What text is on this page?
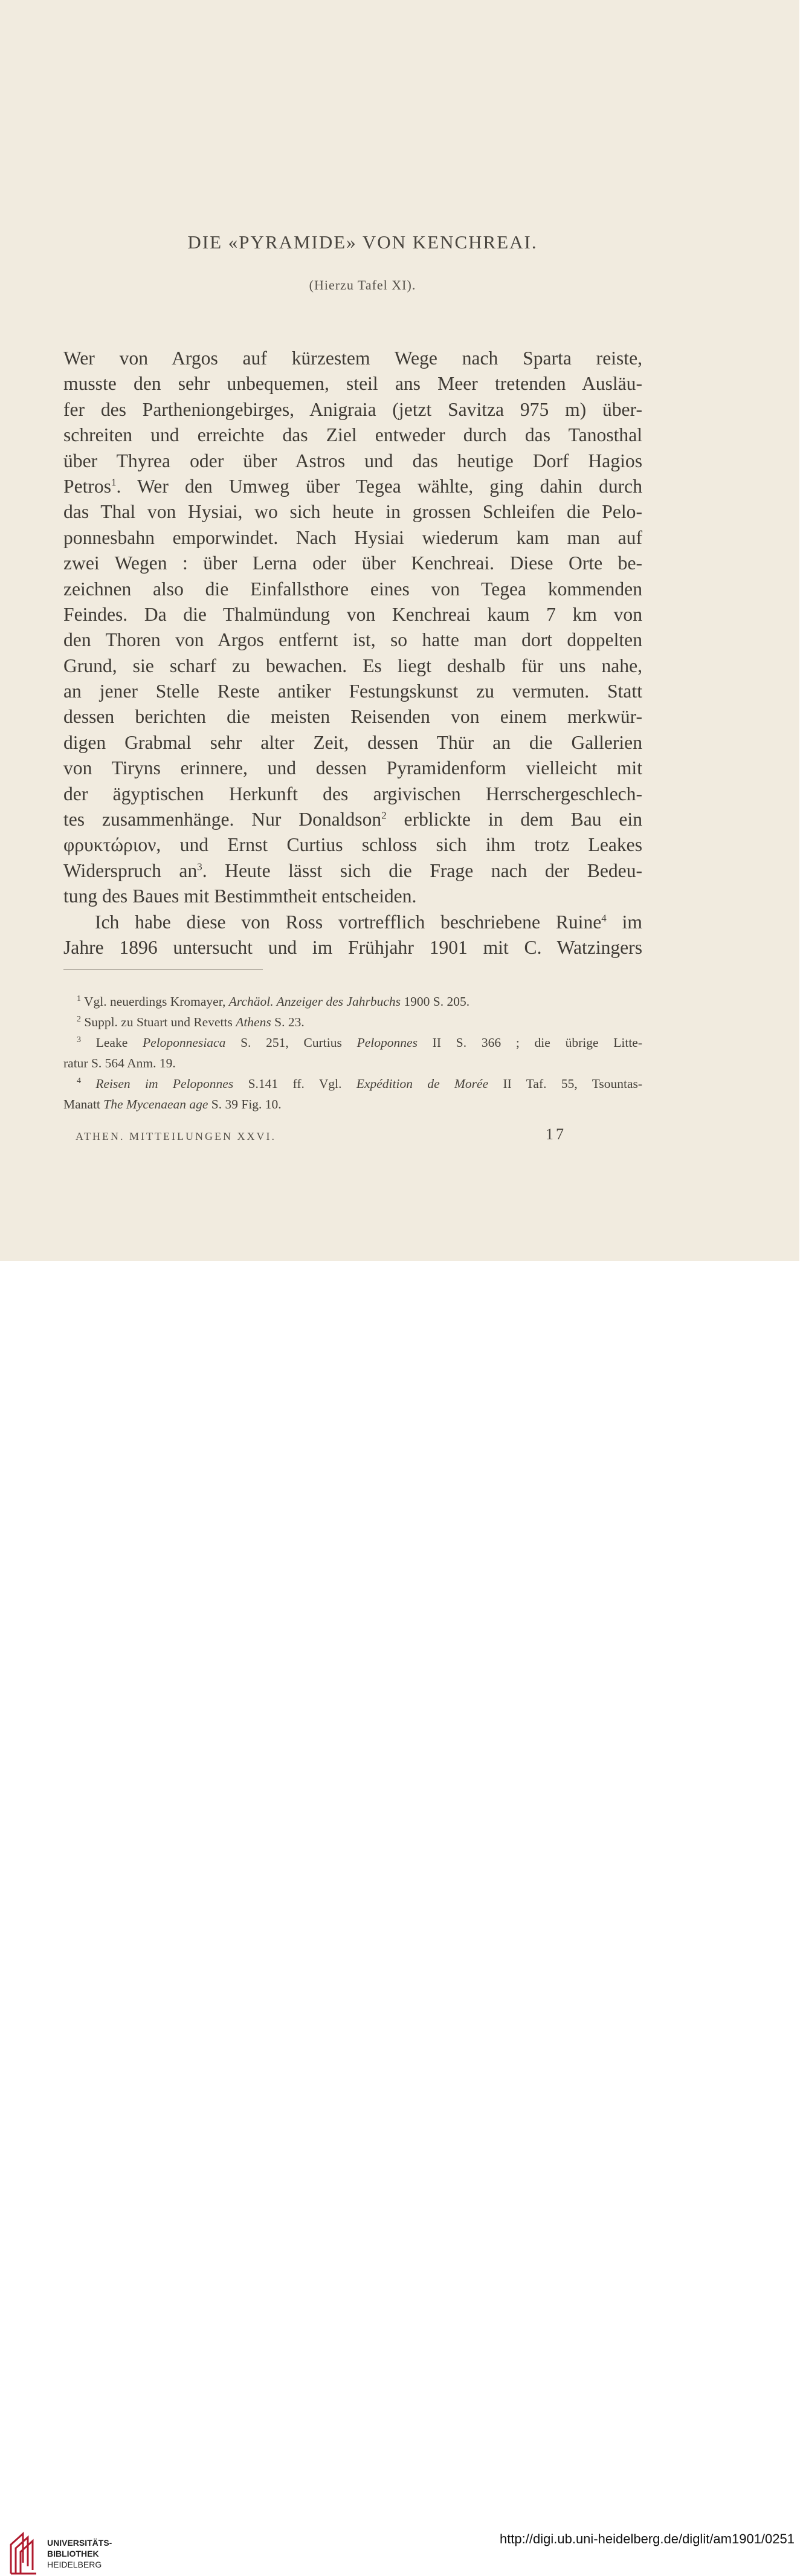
DIE «PYRAMIDE» VON KENCHREAI.
(Hierzu Tafel XI).
Wer von Argos auf kürzestem Wege nach Sparta reiste,
musste den sehr unbequemen, steil ans Meer tretenden Ausläu-
fer des Partheniongebirges, Anigraia (jetzt Savitza 975 m) über-
schreiten und erreichte das Ziel entweder durch das Tanosthal
über Thyrea oder über Astros und das heutige Dorf Hagios
Petros$^1$. Wer den Umweg über Tegea wählte, ging dahin durch
das Thal von Hysiai, wo sich heute in grossen Schleifen die Pelo-
ponnesbahn emporwindet. Nach Hysiai wiederum kam man auf
zwei Wegen : über Lerna oder über Kenchreai. Diese Orte be-
zeichnen also die Einfallsthore eines von Tegea kommenden
Feindes. Da die Thalmündung von Kenchreai kaum 7 km von
den Thoren von Argos entfernt ist, so hatte man dort doppelten
Grund, sie scharf zu bewachen. Es liegt deshalb für uns nahe,
an jener Stelle Reste antiker Festungskunst zu vermuten. Statt
dessen berichten die meisten Reisenden von einem merkwür-
digen Grabmal sehr alter Zeit, dessen Thür an die Gallerien
von Tiryns erinnere, und dessen Pyramidenform vielleicht mit
der ägyptischen Herkunft des argivischen Herrschergeschlech-
tes zusammenhänge. Nur Donaldson$^2$ erblickte in dem Bau ein
φρυκτώριον, und Ernst Curtius schloss sich ihm trotz Leakes
Widerspruch $an^3$. Heute lässt sich die Frage nach der Bedeu-
tung des Baues mit Bestimmtheit entscheiden.
Ich habe diese von Ross vortrefflich beschriebene Ruine$^4$ im
Jahre 1896 untersucht und im Frühjahr 1901 mit C. Watzingers
$^1$ Vgl. neuerdings Kromayer, Archäol. Anzeiger des Jahrbuchs 1900 S. 205.
$^2$ Suppl. zu Stuart und Revetts Athens S. 23.
$^3$ Leake Peloponnesiaca S. 251, Curtius Peloponnes II S. 366 ; die übrige Litte-
ratur S. 564 Anm. 19.
$^4$ Reisen im Peloponnes S.141 ff. Vgl. Expédition de Morée II Taf. 55, Tsountas-
Manatt The Mycenaean age S. 39 Fig. 10.
ATHEN. MITTEILUNGEN XXVI.	17
UNIVERSITÄTS-
BIBLIOTHEK
HEIDELBERG
http://digi.ub.uni-heidelberg.de/diglit/am1901/0251
